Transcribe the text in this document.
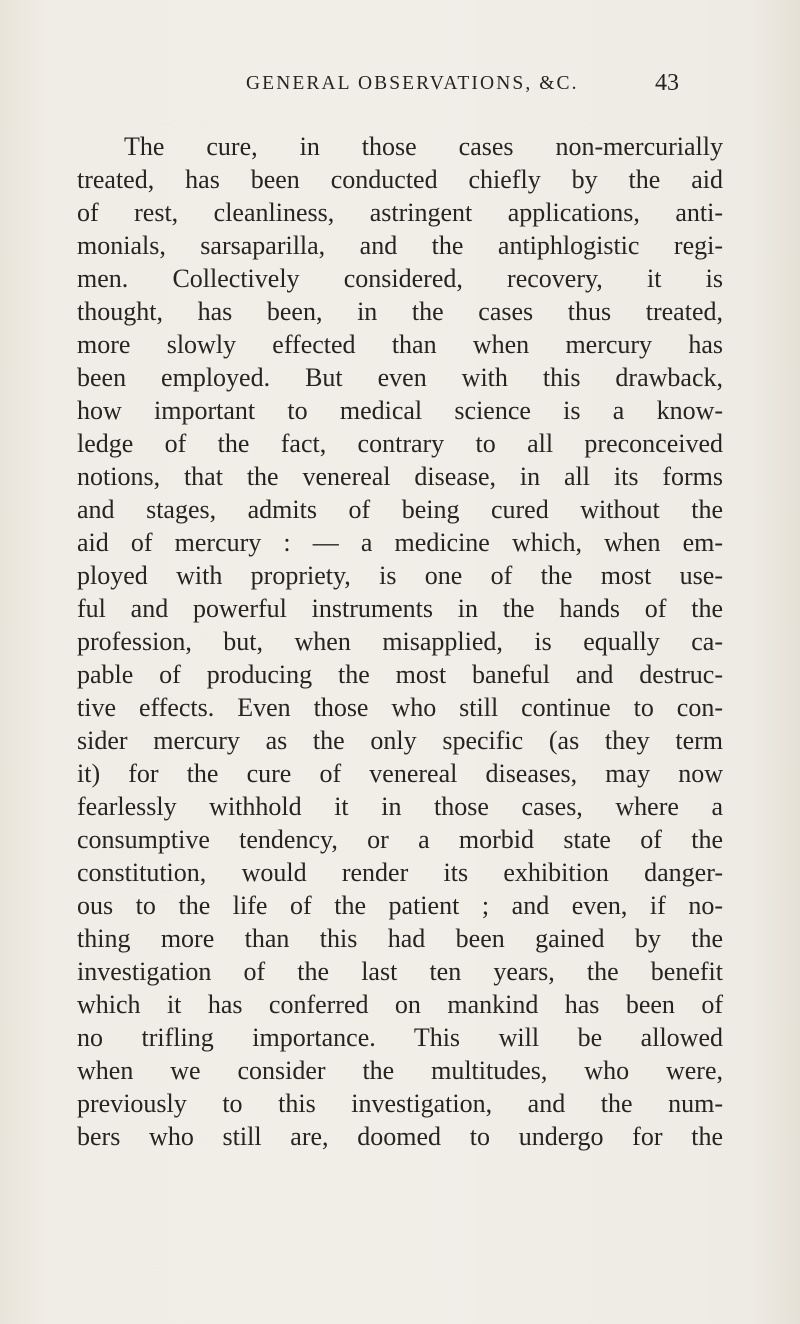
GENERAL OBSERVATIONS, &C.	43
The cure, in those cases non-mercurially
treated, has been conducted chiefly by the aid
of rest, cleanliness, astringent applications, anti-
monials, sarsaparilla, and the antiphlogistic regi-
men. Collectively considered, recovery, it is
thought, has been, in the cases thus treated,
more slowly effected than when mercury has
been employed. But even with this drawback,
how important to medical science is a know-
ledge of the fact, contrary to all preconceived
notions, that the venereal disease, in all its forms
and stages, admits of being cured without the
aid of mercury : — a medicine which, when em-
ployed with propriety, is one of the most use-
ful and powerful instruments in the hands of the
profession, but, when misapplied, is equally ca-
pable of producing the most baneful and destruc-
tive effects. Even those who still continue to con-
sider mercury as the only specific (as they term
it) for the cure of venereal diseases, may now
fearlessly withhold it in those cases, where a
consumptive tendency, or a morbid state of the
constitution, would render its exhibition danger-
ous to the life of the patient ; and even, if no-
thing more than this had been gained by the
investigation of the last ten years, the benefit
which it has conferred on mankind has been of
no trifling importance. This will be allowed
when we consider the multitudes, who were,
previously to this investigation, and the num-
bers who still are, doomed to undergo for the
